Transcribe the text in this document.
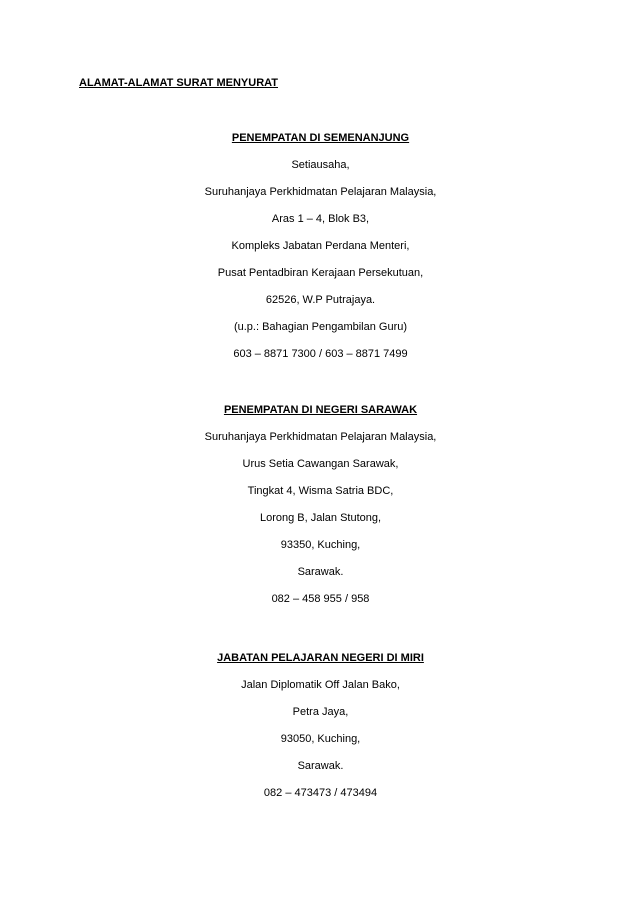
ALAMAT-ALAMAT SURAT MENYURAT
PENEMPATAN DI SEMENANJUNG
Setiausaha,
Suruhanjaya Perkhidmatan Pelajaran Malaysia,
Aras 1 – 4, Blok B3,
Kompleks Jabatan Perdana Menteri,
Pusat Pentadbiran Kerajaan Persekutuan,
62526, W.P Putrajaya.
(u.p.: Bahagian Pengambilan Guru)
603 – 8871 7300 / 603 – 8871 7499
PENEMPATAN DI NEGERI SARAWAK
Suruhanjaya Perkhidmatan Pelajaran Malaysia,
Urus Setia Cawangan Sarawak,
Tingkat 4, Wisma Satria BDC,
Lorong B, Jalan Stutong,
93350, Kuching,
Sarawak.
082 – 458 955 / 958
JABATAN PELAJARAN NEGERI DI MIRI
Jalan Diplomatik Off Jalan Bako,
Petra Jaya,
93050, Kuching,
Sarawak.
082 – 473473 / 473494
